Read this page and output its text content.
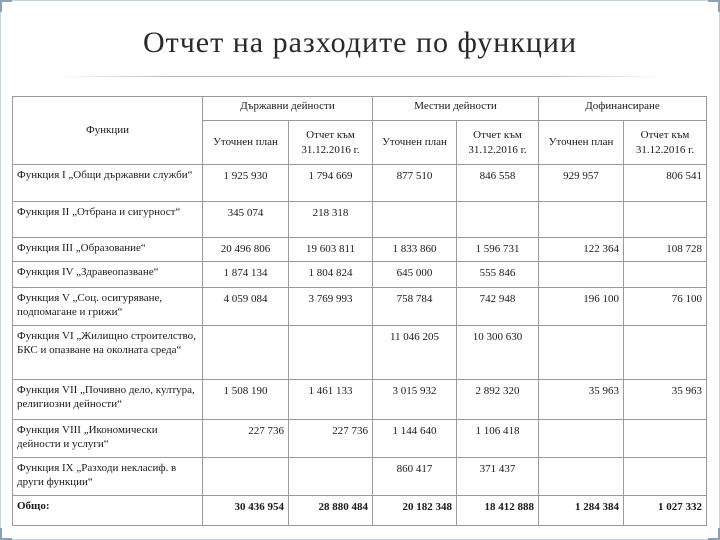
Отчет на разходите по функции
Функции	Държавни дейности		Местни дейности		Дофинансиране	
	Уточнен план	Отчет към 31.12.2016 г.	Уточнен план	Отчет към 31.12.2016 г.	Уточнен план	Отчет към 31.12.2016 г.
Функция I „Общи държавни служби“	1 925 930	1 794 669	877 510	846 558	929 957	806 541
Функция II „Отбрана и сигурност“	345 074	218 318				
Функция III „Образование“	20 496 806	19 603 811	1 833 860	1 596 731	122 364	108 728
Функция IV „Здравеопазване“	1 874 134	1 804 824	645 000	555 846		
Функция V „Соц. осигуряване, подпомагане и грижи“	4 059 084	3 769 993	758 784	742 948	196 100	76 100
Функция VI „Жилищно строителство, БКС и опазване на околната среда“			11 046 205	10 300 630		
Функция VII „Почивно дело, култура, религиозни дейности“	1 508 190	1 461 133	3 015 932	2 892 320	35 963	35 963
Функция VIII „Икономически дейности и услуги“	227 736	227 736	1 144 640	1 106 418		
Функция IX „Разходи некласиф. в други функции“			860 417	371 437		
Общо:	30 436 954	28 880 484	20 182 348	18 412 888	1 284 384	1 027 332
